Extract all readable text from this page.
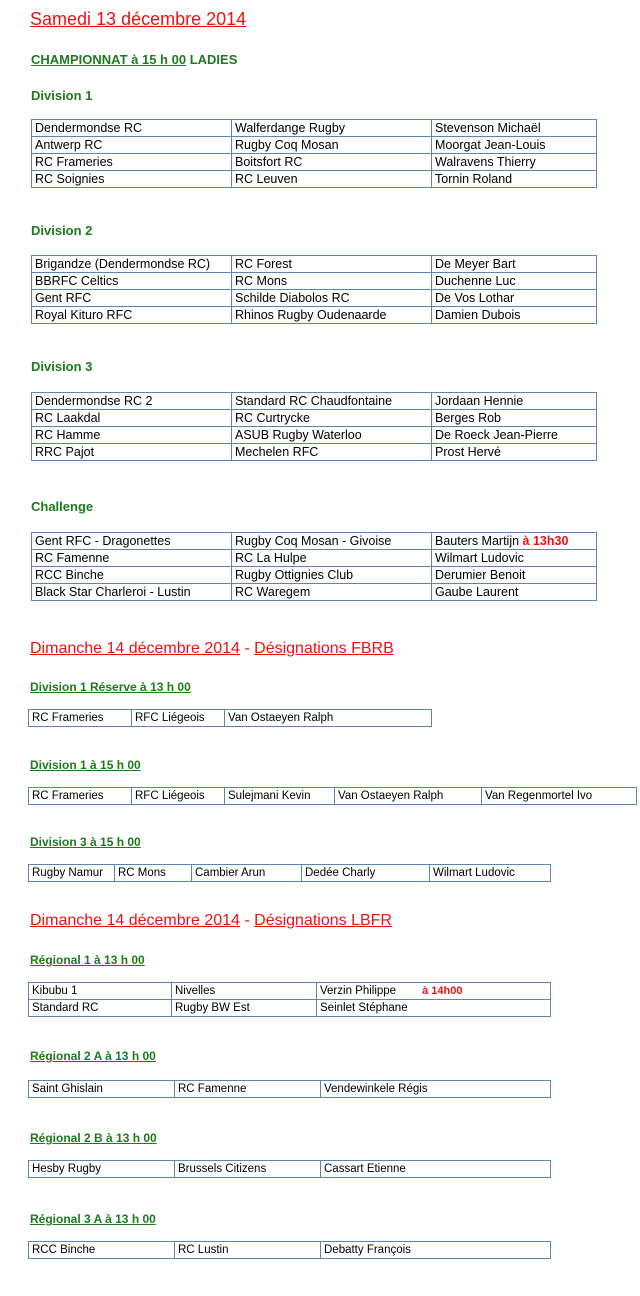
Samedi 13 décembre 2014
CHAMPIONNAT à 15 h 00 LADIES
Division 1
Dendermondse RC	Walferdange Rugby	Stevenson Michaël
Antwerp RC	Rugby Coq Mosan	Moorgat Jean-Louis
RC Frameries	Boitsfort RC	Walravens Thierry
RC Soignies	RC Leuven	Tornin Roland
Division 2
Brigandze (Dendermondse RC)	RC Forest	De Meyer Bart
BBRFC Celtics	RC Mons	Duchenne Luc
Gent RFC	Schilde Diabolos RC	De Vos Lothar
Royal Kituro RFC	Rhinos Rugby Oudenaarde	Damien Dubois
Division 3
Dendermondse RC 2	Standard RC Chaudfontaine	Jordaan Hennie
RC Laakdal	RC Curtrycke	Berges Rob
RC Hamme	ASUB Rugby Waterloo	De Roeck Jean-Pierre
RRC Pajot	Mechelen RFC	Prost Hervé
Challenge
Gent RFC - Dragonettes	Rugby Coq Mosan - Givoise	Bauters Martijn à 13h30
RC Famenne	RC La Hulpe	Wilmart Ludovic
RCC Binche	Rugby Ottignies Club	Derumier Benoit
Black Star Charleroi - Lustin	RC Waregem	Gaube Laurent
Dimanche 14 décembre 2014 - Désignations FBRB
Division 1 Réserve à 13 h 00
RC Frameries	RFC Liégeois	Van Ostaeyen Ralph
Division 1 à 15 h 00
RC Frameries	RFC Liégeois	Sulejmani Kevin	Van Ostaeyen Ralph	Van Regenmortel Ivo
Division 3 à 15 h 00
Rugby Namur	RC Mons	Cambier Arun	Dedée Charly	Wilmart Ludovic
Dimanche 14 décembre 2014 - Désignations LBFR
Régional 1 à 13 h 00
Kibubu 1	Nivelles	Verzin Philippe à 14h00
Standard RC	Rugby BW Est	Seinlet Stéphane
Régional 2 A à 13 h 00
Saint Ghislain	RC Famenne	Vendewinkele Régis
Régional 2 B à 13 h 00
Hesby Rugby	Brussels Citizens	Cassart Etienne
Régional 3 A à 13 h 00
RCC Binche	RC Lustin	Debatty François
